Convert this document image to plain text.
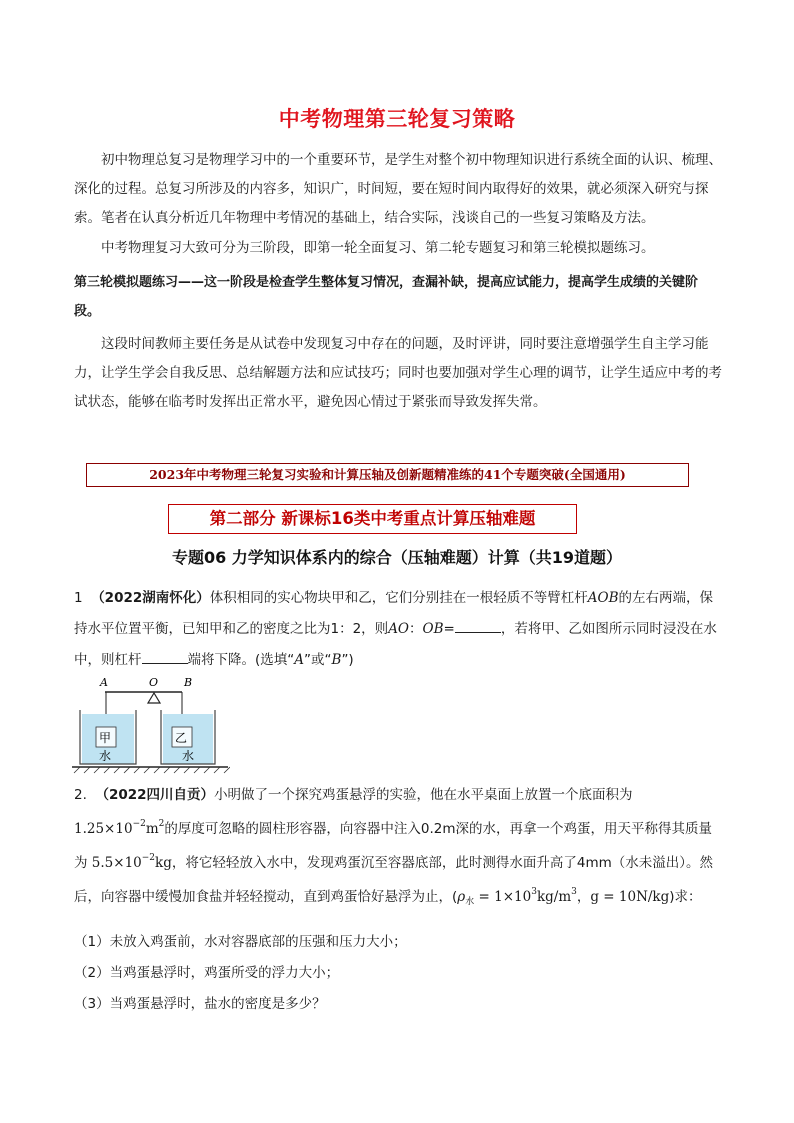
中考物理第三轮复习策略

初中物理总复习是物理学习中的一个重要环节，是学生对整个初中物理知识进行系统全面的认识、梳理、深化的过程。总复习所涉及的内容多，知识广，时间短，要在短时间内取得好的效果，就必须深入研究与探索。笔者在认真分析近几年物理中考情况的基础上，结合实际，浅谈自己的一些复习策略及方法。

中考物理复习大致可分为三阶段，即第一轮全面复习、第二轮专题复习和第三轮模拟题练习。

第三轮模拟题练习——这一阶段是检查学生整体复习情况，查漏补缺，提高应试能力，提高学生成绩的关键阶段。

这段时间教师主要任务是从试卷中发现复习中存在的问题，及时评讲，同时要注意增强学生自主学习能力，让学生学会自我反思、总结解题方法和应试技巧；同时也要加强对学生心理的调节，让学生适应中考的考试状态，能够在临考时发挥出正常水平，避免因心情过于紧张而导致发挥失常。

2023年中考物理三轮复习实验和计算压轴及创新题精准练的41个专题突破(全国通用)
第二部分 新课标16类中考重点计算压轴难题
专题06 力学知识体系内的综合（压轴难题）计算（共19道题）

1 （2022湖南怀化）体积相同的实心物块甲和乙，它们分别挂在一根轻质不等臂杠杆AOB的左右两端，保持水平位置平衡，已知甲和乙的密度之比为1：2，则AO：OB=	，若将甲、乙如图所示同时浸没在水中，则杠杆	端将下降。(选填“A”或“B”)

A	O B
甲	乙
水	水

2. （2022四川自贡）小明做了一个探究鸡蛋悬浮的实验，他在水平桌面上放置一个底面积为$1.25\times 10^{-2}m^2$的厚度可忽略的圆柱形容器，向容器中注入0.2m深的水，再拿一个鸡蛋，用天平称得其质量为 $5.5\times 10^{-2}kg$，将它轻轻放入水中，发现鸡蛋沉至容器底部，此时测得水面升高了4mm（水未溢出）。然后，向容器中缓慢加食盐并轻轻搅动，直到鸡蛋恰好悬浮为止，($\rho_水 = 1\times 10^3kg/m^3$，g = 10N/kg)求：

（1）未放入鸡蛋前，水对容器底部的压强和压力大小；
（2）当鸡蛋悬浮时，鸡蛋所受的浮力大小；
（3）当鸡蛋悬浮时，盐水的密度是多少？
